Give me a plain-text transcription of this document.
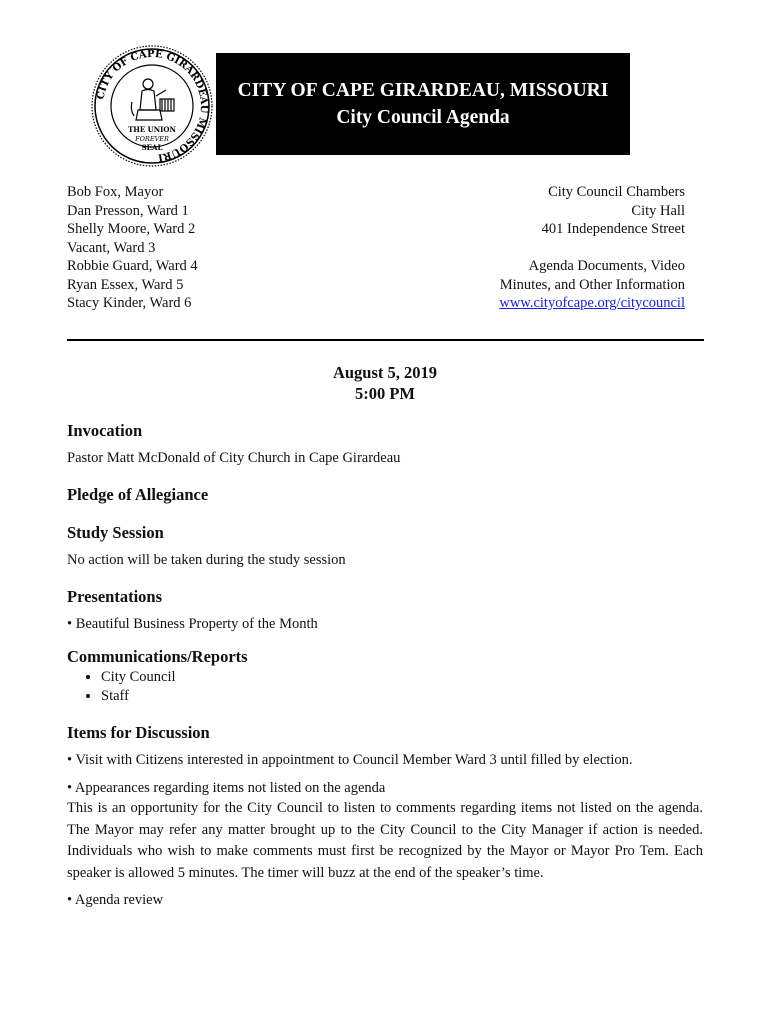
CITY OF CAPE GIRARDEAU MISSOURI
THE UNION
FOREVER
SEAL
CITY OF CAPE GIRARDEAU, MISSOURI
City Council Agenda
Bob Fox, Mayor
Dan Presson, Ward 1
Shelly Moore, Ward 2
Vacant, Ward 3
Robbie Guard, Ward 4
Ryan Essex, Ward 5
Stacy Kinder, Ward 6
City Council Chambers
City Hall
401 Independence Street
Agenda Documents, Video
Minutes, and Other Information
www.cityofcape.org/citycouncil
August 5, 2019
5:00 PM
Invocation

Pastor Matt McDonald of City Church in Cape Girardeau

Pledge of Allegiance
Study Session

No action will be taken during the study session

Presentations

• Beautiful Business Property of the Month

Communications/Reports
• City Council
• Staff
Items for Discussion

• Visit with Citizens interested in appointment to Council Member Ward 3 until filled by election.

• Appearances regarding items not listed on the agenda

This is an opportunity for the City Council to listen to comments regarding items not listed on the agenda. The Mayor may refer any matter brought up to the City Council to the City Manager if action is needed. Individuals who wish to make comments must first be recognized by the Mayor or Mayor Pro Tem. Each speaker is allowed 5 minutes. The timer will buzz at the end of the speaker’s time.

• Agenda review
